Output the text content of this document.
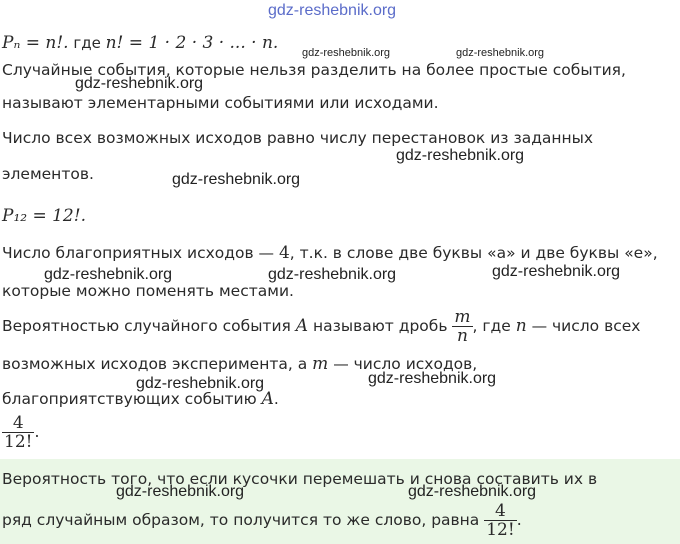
gdz-reshebnik.org
Pₙ = n!. где n! = 1 · 2 · 3 · ... · n. gdz-reshebnik.org	gdz-reshebnik.org
Случайные события, которые нельзя разделить на более простые события,
gdz-reshebnik.org
называют элементарными событиями или исходами.
Число всех возможных исходов равно числу перестановок из заданных
gdz-reshebnik.org
элементов.	gdz-reshebnik.org
P₁₂ = 12!.
Число благоприятных исходов — 4, т.к. в слове две буквы «а» и две буквы «е»,
gdz-reshebnik.org	gdz-reshebnik.org	gdz-reshebnik.org
которые можно поменять местами.
Вероятностью случайного события A называют дробь $\frac{m}{n}$ , где n — число всех
возможных исходов эксперимента, а m — число исходов,
gdz-reshebnik.org	gdz-reshebnik.org
благоприятствующих событию A.
$\frac{4}{12!}$ .
Вероятность того, что если кусочки перемешать и снова составить их в
gdz-reshebnik.org	gdz-reshebnik.org
ряд случайным образом, то получится то же слово, равна $\frac{4}{12!}$ .
